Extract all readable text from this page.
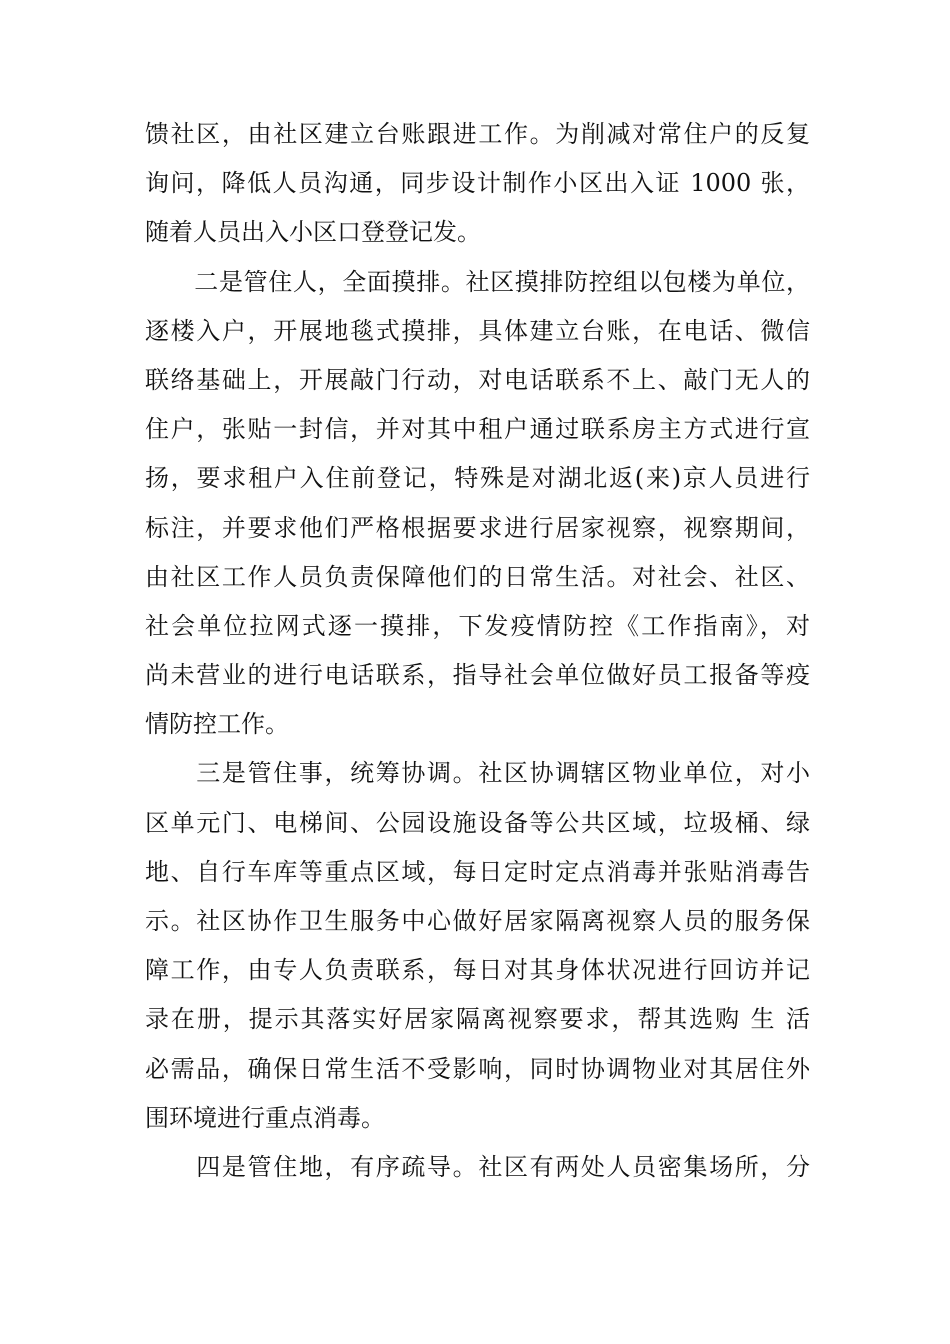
馈社区，由社区建立台账跟进工作。为削减对常住户的反复
询问，降低人员沟通，同步设计制作小区出入证 1000 张，
随着人员出入小区口登登记发。
　　二是管住人，全面摸排。社区摸排防控组以包楼为单位，
逐楼入户，开展地毯式摸排，具体建立台账，在电话、微信
联络基础上，开展敲门行动，对电话联系不上、敲门无人的
住户，张贴一封信，并对其中租户通过联系房主方式进行宣
扬，要求租户入住前登记，特殊是对湖北返(来)京人员进行
标注，并要求他们严格根据要求进行居家视察，视察期间，
由社区工作人员负责保障他们的日常生活。对社会、社区、
社会单位拉网式逐一摸排，下发疫情防控《工作指南》，对
尚未营业的进行电话联系，指导社会单位做好员工报备等疫
情防控工作。
　　三是管住事，统筹协调。社区协调辖区物业单位，对小
区单元门、电梯间、公园设施设备等公共区域，垃圾桶、绿
地、自行车库等重点区域，每日定时定点消毒并张贴消毒告
示。社区协作卫生服务中心做好居家隔离视察人员的服务保
障工作，由专人负责联系，每日对其身体状况进行回访并记
录在册，提示其落实好居家隔离视察要求，帮其选购 生 活
必需品，确保日常生活不受影响，同时协调物业对其居住外
围环境进行重点消毒。
　　四是管住地，有序疏导。社区有两处人员密集场所，分
